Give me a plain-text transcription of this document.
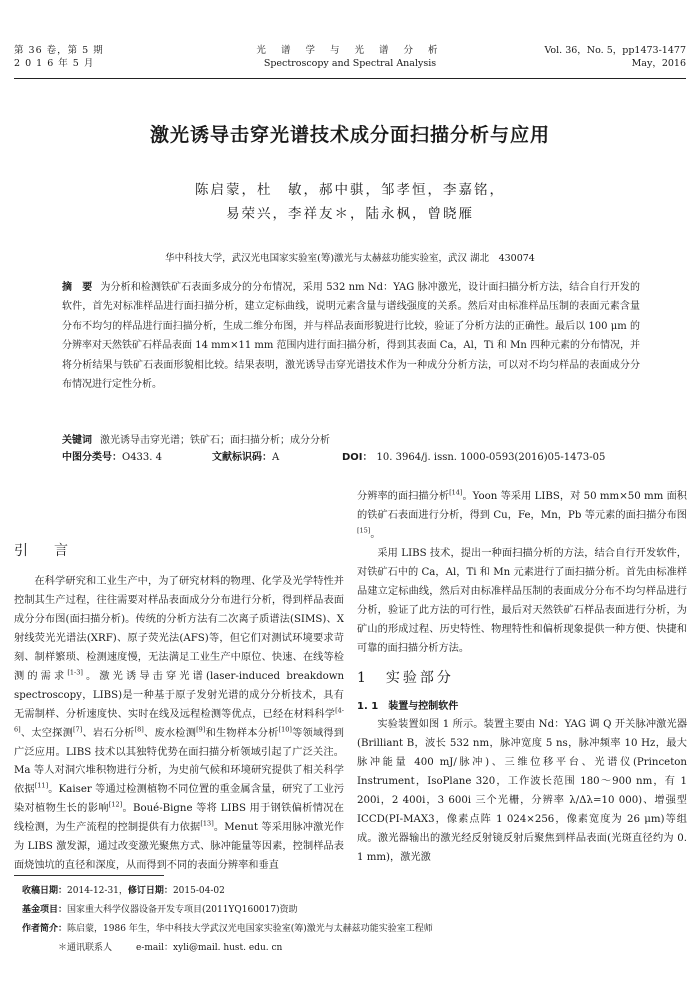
第 36 卷，第 5 期
2 0 1 6 年 5 月
光 谱 学 与 光 谱 分 析
Spectroscopy and Spectral Analysis
Vol. 36，No. 5，pp1473-1477
May，2016
激光诱导击穿光谱技术成分面扫描分析与应用
陈启蒙，杜　敏，郝中骐，邹孝恒，李嘉铭，
易荣兴，李祥友＊，陆永枫，曾晓雁
华中科技大学，武汉光电国家实验室(筹)激光与太赫兹功能实验室，武汉 湖北　430074
摘　要 为分析和检测铁矿石表面多成分的分布情况，采用 532 nm Nd：YAG 脉冲激光，设计面扫描分析方法，结合自行开发的软件，首先对标准样品进行面扫描分析，建立定标曲线，说明元素含量与谱线强度的关系。然后对由标准样品压制的表面元素含量分布不均匀的样品进行面扫描分析，生成二维分布图，并与样品表面形貌进行比较，验证了分析方法的正确性。最后以 100 μm 的分辨率对天然铁矿石样品表面 14 mm×11 mm 范围内进行面扫描分析，得到其表面 Ca，Al，Ti 和 Mn 四种元素的分布情况，并将分析结果与铁矿石表面形貌相比较。结果表明，激光诱导击穿光谱技术作为一种成分分析方法，可以对不均匀样品的表面成分分布情况进行定性分析。
关键词 激光诱导击穿光谱；铁矿石；面扫描分析；成分分析
中图分类号：O433. 4	文献标识码：A	DOI： 10. 3964/j. issn. 1000-0593(2016)05-1473-05
引　言

在科学研究和工业生产中，为了研究材料的物理、化学及光学特性并控制其生产过程，往往需要对样品表面成分分布进行分析，得到样品表面成分分布图(面扫描分析)。传统的分析方法有二次离子质谱法(SIMS)、X 射线荧光光谱法(XRF)、原子荧光法(AFS)等，但它们对测试环境要求苛刻、制样繁琐、检测速度慢，无法满足工业生产中原位、快速、在线等检测的需求[1-3]。激光诱导击穿光谱(laser-induced breakdown spectroscopy，LIBS)是一种基于原子发射光谱的成分分析技术，具有无需制样、分析速度快、实时在线及远程检测等优点，已经在材料科学[4-6]、太空探测[7]、岩石分析[8]、废水检测[9]和生物样本分析[10]等领域得到广泛应用。LIBS 技术以其独特优势在面扫描分析领域引起了广泛关注。Ma 等人对洞穴堆积物进行分析，为史前气候和环境研究提供了相关科学依据[11]。Kaiser 等通过检测植物不同位置的重金属含量，研究了工业污染对植物生长的影响[12]。Boué-Bigne 等将 LIBS 用于钢铁偏析情况在线检测，为生产流程的控制提供有力依据[13]。Menut 等采用脉冲激光作为 LIBS 激发源，通过改变激光聚焦方式、脉冲能量等因素，控制样品表面烧蚀坑的直径和深度，从而得到不同的表面分辨率和垂直

分辨率的面扫描分析[14]。Yoon 等采用 LIBS，对 50 mm×50 mm 面积的铁矿石表面进行分析，得到 Cu，Fe，Mn，Pb 等元素的面扫描分布图[15]。

采用 LIBS 技术，提出一种面扫描分析的方法，结合自行开发软件，对铁矿石中的 Ca，Al，Ti 和 Mn 元素进行了面扫描分析。首先由标准样品建立定标曲线，然后对由标准样品压制的表面成分分布不均匀样品进行分析，验证了此方法的可行性，最后对天然铁矿石样品表面进行分析，为矿山的形成过程、历史特性、物理特性和偏析现象提供一种方便、快捷和可靠的面扫描分析方法。

1　实验部分
1. 1　装置与控制软件

实验装置如图 1 所示。装置主要由 Nd：YAG 调 Q 开关脉冲激光器(Brilliant B，波长 532 nm，脉冲宽度 5 ns，脉冲频率 10 Hz，最大脉冲能量 400 mJ/脉冲)、三维位移平台、光谱仪(Princeton Instrument，IsoPlane 320，工作波长范围 180～900 nm，有 1 200i，2 400i，3 600i 三个光栅，分辨率 λ/Δλ=10 000)、增强型 ICCD(PI-MAX3，像素点阵 1 024×256，像素宽度为 26 μm)等组成。激光器输出的激光经反射镜反射后聚焦到样品表面(光斑直径约为 0. 1 mm)，激光激

收稿日期：2014-12-31，修订日期：2015-04-02
基金项目：国家重大科学仪器设备开发专项目(2011YQ160017)资助
作者简介：陈启蒙，1986 年生，华中科技大学武汉光电国家实验室(筹)激光与太赫兹功能实验室工程师
＊通讯联系人	e-mail：xyli@mail. hust. edu. cn
